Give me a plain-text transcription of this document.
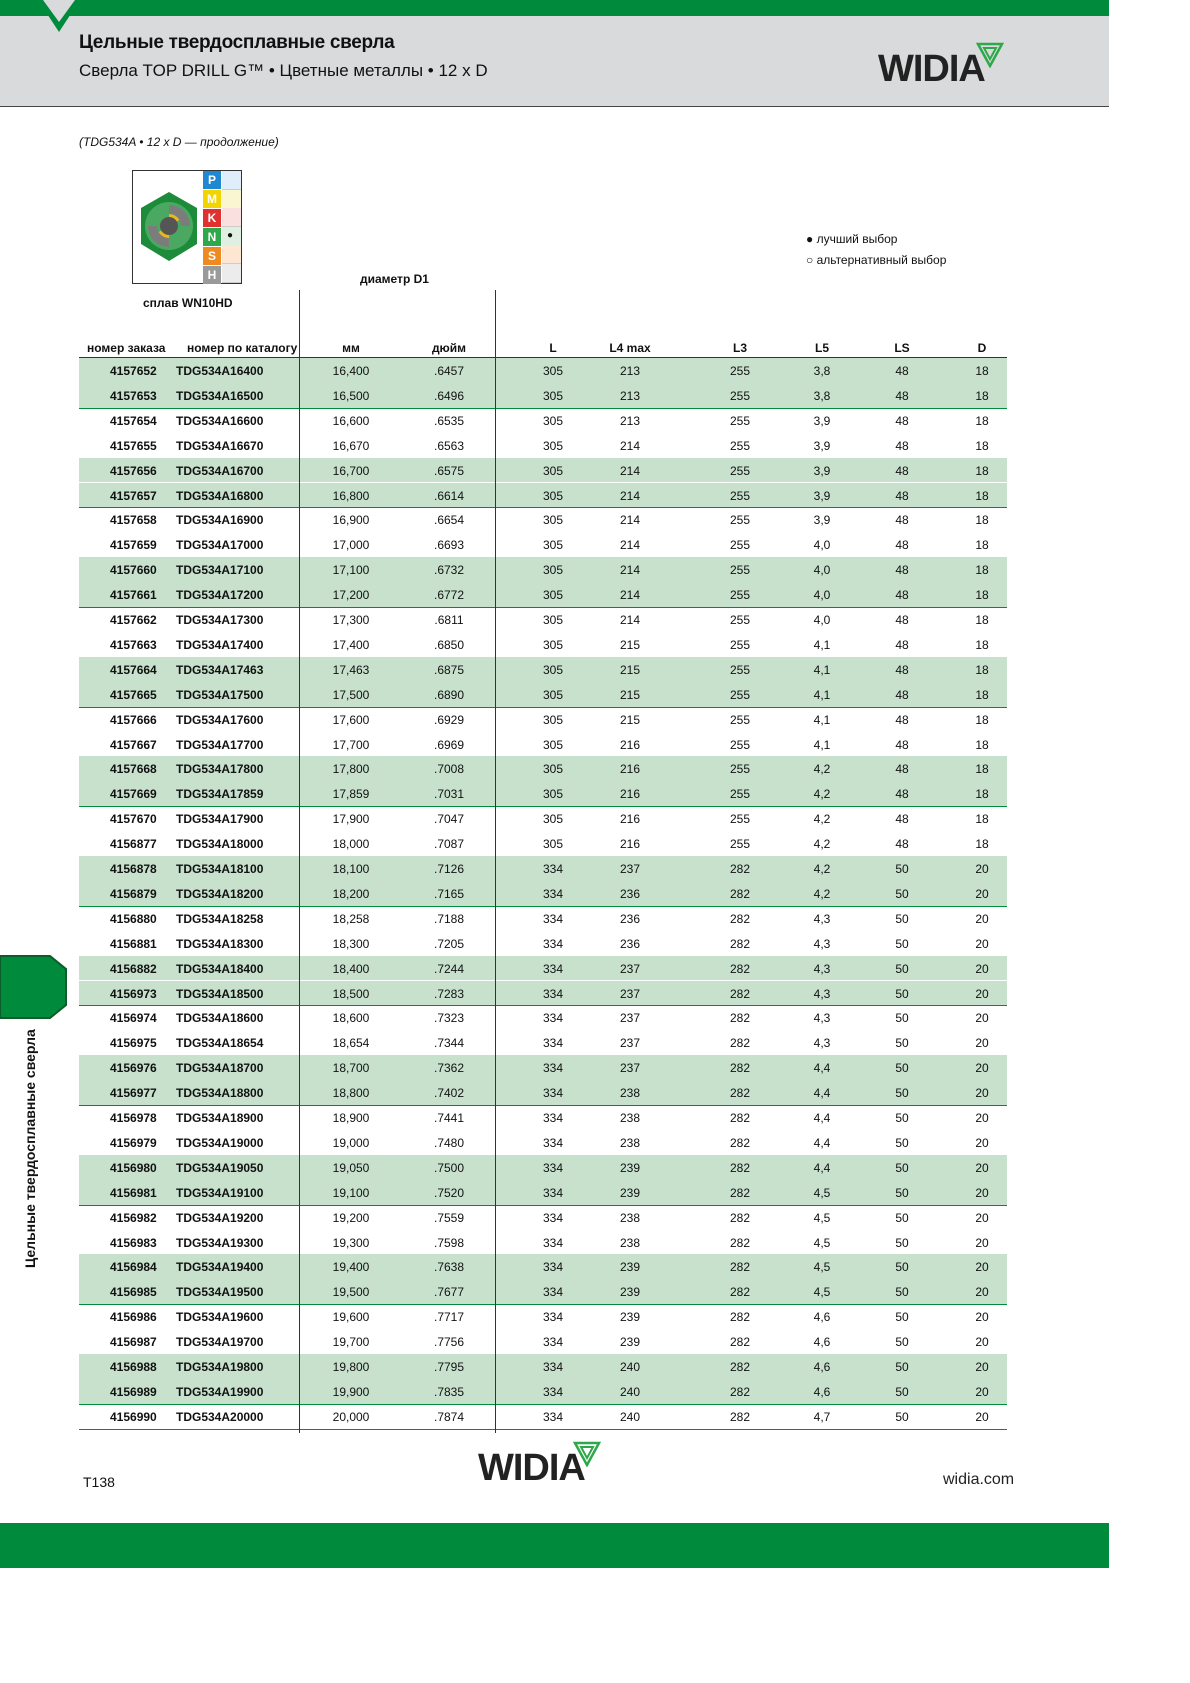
Цельные твердосплавные сверла
Сверла TOP DRILL G™ • Цветные металлы • 12 x D	WIDIA
(TDG534A • 12 x D — продолжение)
P
M
K
N
S
H
●
сплав WN10HD
● лучший выбор
○ альтернативный выбор
диаметр D1
4157652 TDG534A16400	16,400	.6457	305	213	255	3,8	48	18
4157653 TDG534A16500	16,500	.6496	305	213	255	3,8	48	18
4157654 TDG534A16600	16,600	.6535	305	213	255	3,9	48	18
4157655 TDG534A16670	16,670	.6563	305	214	255	3,9	48	18
4157656 TDG534A16700	16,700	.6575	305	214	255	3,9	48	18
4157657 TDG534A16800	16,800	.6614	305	214	255	3,9	48	18
4157658 TDG534A16900	16,900	.6654	305	214	255	3,9	48	18
4157659 TDG534A17000	17,000	.6693	305	214	255	4,0	48	18
4157660 TDG534A17100	17,100	.6732	305	214	255	4,0	48	18
4157661 TDG534A17200	17,200	.6772	305	214	255	4,0	48	18
4157662 TDG534A17300	17,300	.6811	305	214	255	4,0	48	18
4157663 TDG534A17400	17,400	.6850	305	215	255	4,1	48	18
4157664 TDG534A17463	17,463	.6875	305	215	255	4,1	48	18
4157665 TDG534A17500	17,500	.6890	305	215	255	4,1	48	18
4157666 TDG534A17600	17,600	.6929	305	215	255	4,1	48	18
4157667 TDG534A17700	17,700	.6969	305	216	255	4,1	48	18
4157668 TDG534A17800	17,800	.7008	305	216	255	4,2	48	18
4157669 TDG534A17859	17,859	.7031	305	216	255	4,2	48	18
4157670 TDG534A17900	17,900	.7047	305	216	255	4,2	48	18
4156877 TDG534A18000	18,000	.7087	305	216	255	4,2	48	18
4156878 TDG534A18100	18,100	.7126	334	237	282	4,2	50	20
4156879 TDG534A18200	18,200	.7165	334	236	282	4,2	50	20
4156880 TDG534A18258	18,258	.7188	334	236	282	4,3	50	20
4156881 TDG534A18300	18,300	.7205	334	236	282	4,3	50	20
4156882 TDG534A18400	18,400	.7244	334	237	282	4,3	50	20
4156973 TDG534A18500	18,500	.7283	334	237	282	4,3	50	20
4156974 TDG534A18600	18,600	.7323	334	237	282	4,3	50	20
4156975 TDG534A18654	18,654	.7344	334	237	282	4,3	50	20
4156976 TDG534A18700	18,700	.7362	334	237	282	4,4	50	20
4156977 TDG534A18800	18,800	.7402	334	238	282	4,4	50	20
4156978 TDG534A18900	18,900	.7441	334	238	282	4,4	50	20
4156979 TDG534A19000	19,000	.7480	334	238	282	4,4	50	20
4156980 TDG534A19050	19,050	.7500	334	239	282	4,4	50	20
4156981 TDG534A19100	19,100	.7520	334	239	282	4,5	50	20
4156982 TDG534A19200	19,200	.7559	334	238	282	4,5	50	20
4156983 TDG534A19300	19,300	.7598	334	238	282	4,5	50	20
4156984 TDG534A19400	19,400	.7638	334	239	282	4,5	50	20
4156985 TDG534A19500	19,500	.7677	334	239	282	4,5	50	20
4156986 TDG534A19600	19,600	.7717	334	239	282	4,6	50	20
4156987 TDG534A19700	19,700	.7756	334	239	282	4,6	50	20
4156988 TDG534A19800	19,800	.7795	334	240	282	4,6	50	20
4156989 TDG534A19900	19,900	.7835	334	240	282	4,6	50	20
4156990 TDG534A20000	20,000	.7874	334	240	282	4,7	50	20
Цельные твердосплавные сверла
T138	WIDIA	widia.com
номер заказа номер по каталогу	мм	дюйм	L	L4 max	L3	L5	LS	D
